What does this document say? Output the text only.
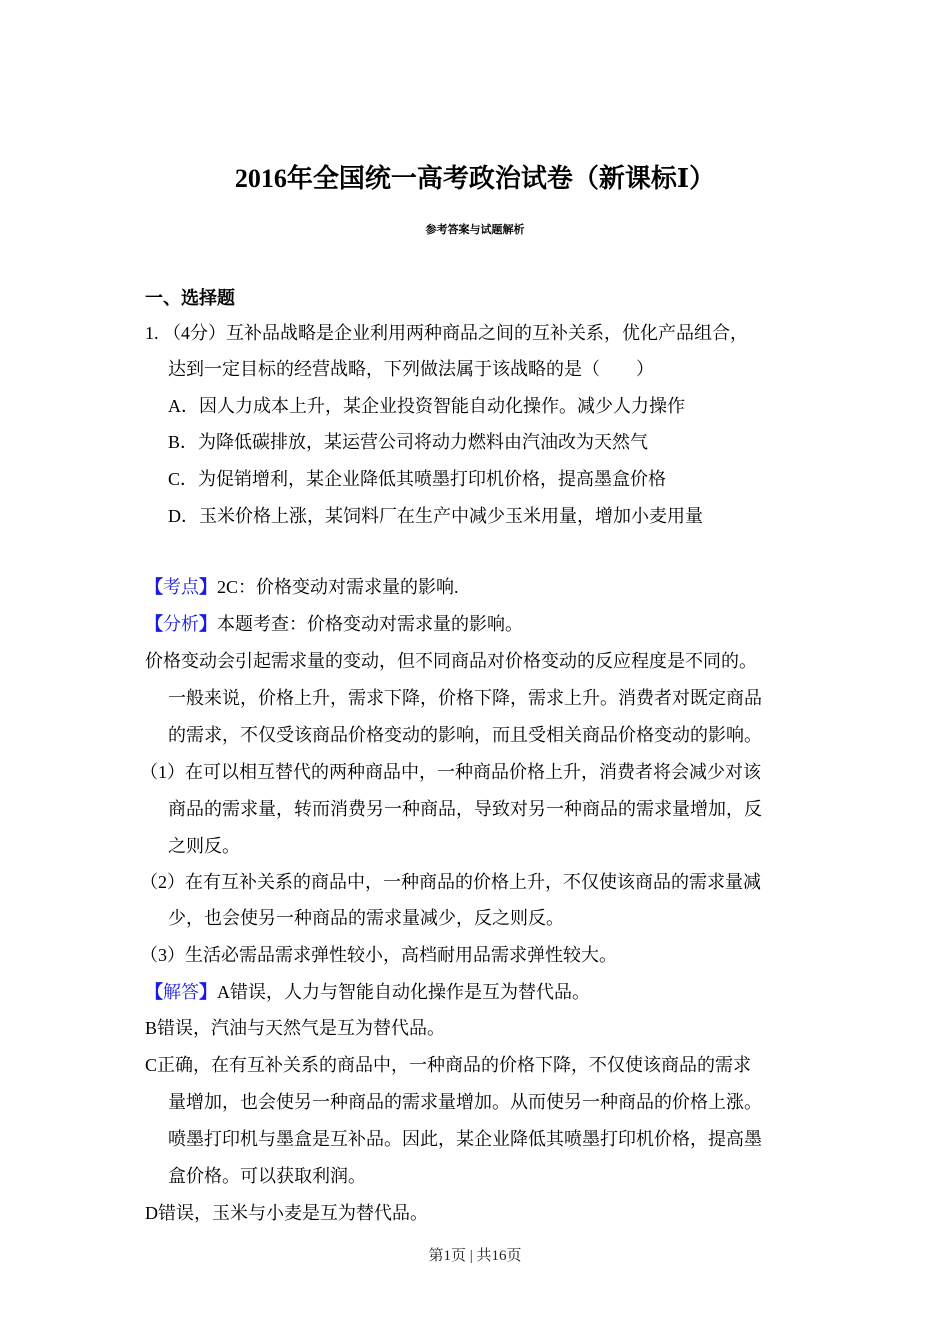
2016年全国统一高考政治试卷（新课标Ⅰ）
参考答案与试题解析
一、选择题
1. （4分）互补品战略是企业利用两种商品之间的互补关系，优化产品组合，
达到一定目标的经营战略，下列做法属于该战略的是（　　）
A．因人力成本上升，某企业投资智能自动化操作。减少人力操作
B．为降低碳排放，某运营公司将动力燃料由汽油改为天然气
C．为促销增利，某企业降低其喷墨打印机价格，提高墨盒价格
D．玉米价格上涨，某饲料厂在生产中减少玉米用量，增加小麦用量
【考点】2C：价格变动对需求量的影响.
【分析】本题考查：价格变动对需求量的影响。
价格变动会引起需求量的变动，但不同商品对价格变动的反应程度是不同的。
一般来说，价格上升，需求下降，价格下降，需求上升。消费者对既定商品
的需求，不仅受该商品价格变动的影响，而且受相关商品价格变动的影响。
（1）在可以相互替代的两种商品中，一种商品价格上升，消费者将会减少对该
商品的需求量，转而消费另一种商品，导致对另一种商品的需求量增加，反
之则反。
（2）在有互补关系的商品中，一种商品的价格上升，不仅使该商品的需求量减
少，也会使另一种商品的需求量减少，反之则反。
（3）生活必需品需求弹性较小，高档耐用品需求弹性较大。
【解答】A错误，人力与智能自动化操作是互为替代品。
B错误，汽油与天然气是互为替代品。
C正确，在有互补关系的商品中，一种商品的价格下降，不仅使该商品的需求
量增加，也会使另一种商品的需求量增加。从而使另一种商品的价格上涨。
喷墨打印机与墨盒是互补品。因此，某企业降低其喷墨打印机价格，提高墨
盒价格。可以获取利润。
D错误，玉米与小麦是互为替代品。
第1页 | 共16页
